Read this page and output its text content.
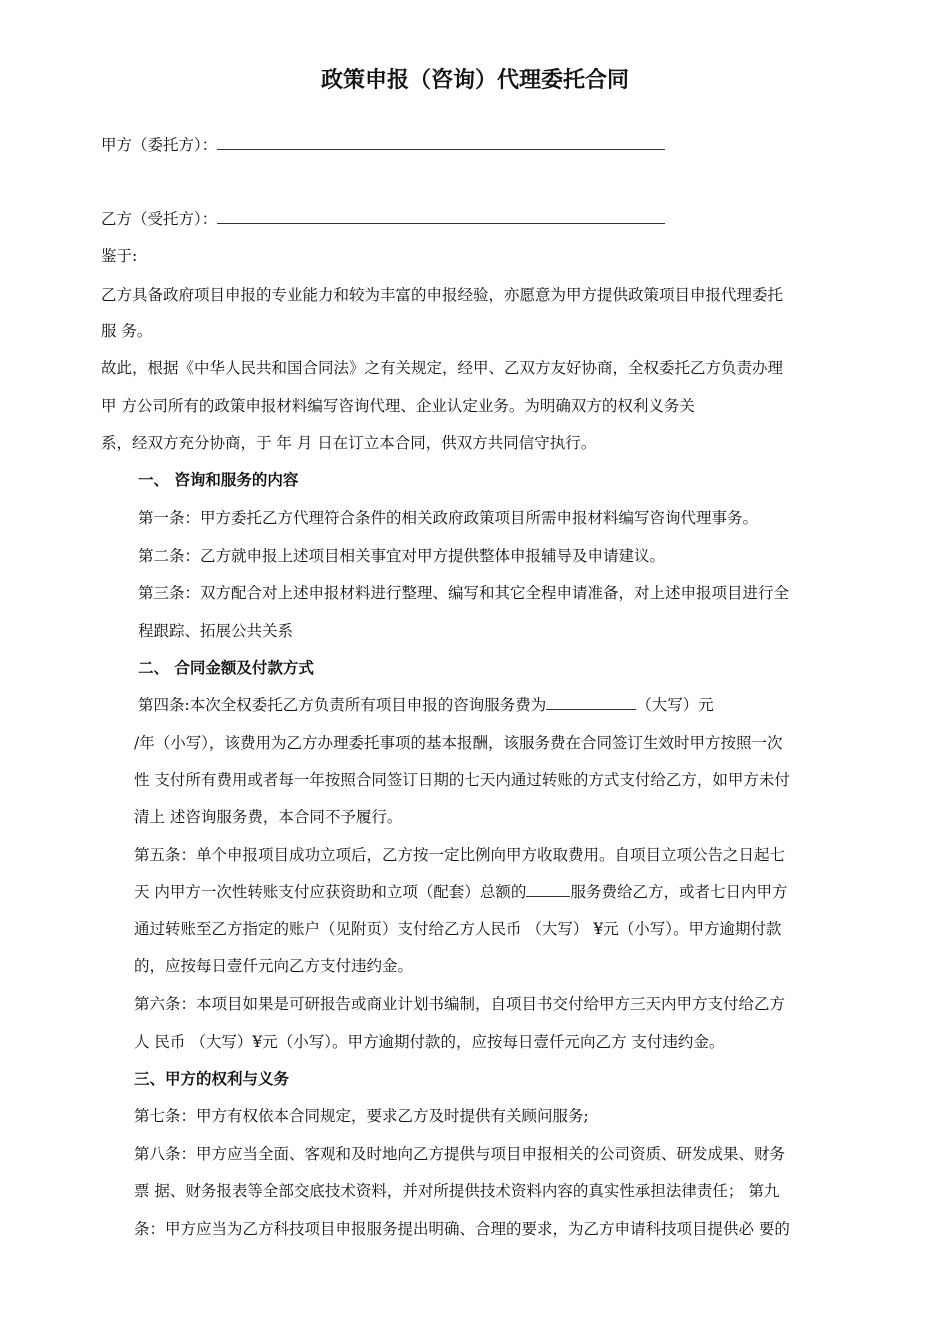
政策申报（咨询）代理委托合同
甲方（委托方）：
乙方（受托方）：
鉴于:
乙方具备政府项目申报的专业能力和较为丰富的申报经验，亦愿意为甲方提供政策项目申报代理委托
服 务。
故此，根据《中华人民共和国合同法》之有关规定，经甲、乙双方友好协商，全权委托乙方负责办理
甲 方公司所有的政策申报材料编写咨询代理、企业认定业务。为明确双方的权利义务关
系，经双方充分协商，于 年 月 日在订立本合同，供双方共同信守执行。
一、 咨询和服务的内容
第一条：甲方委托乙方代理符合条件的相关政府政策项目所需申报材料编写咨询代理事务。
第二条：乙方就申报上述项目相关事宜对甲方提供整体申报辅导及申请建议。
第三条：双方配合对上述申报材料进行整理、编写和其它全程申请准备，对上述申报项目进行全
程跟踪、拓展公共关系
二、 合同金额及付款方式
第四条:本次全权委托乙方负责所有项目申报的咨询服务费为	（大写）元
/年（小写），该费用为乙方办理委托事项的基本报酬，该服务费在合同签订生效时甲方按照一次
性 支付所有费用或者每一年按照合同签订日期的七天内通过转账的方式支付给乙方，如甲方未付
清上 述咨询服务费，本合同不予履行。
第五条：单个申报项目成功立项后，乙方按一定比例向甲方收取费用。自项目立项公告之日起七
天 内甲方一次性转账支付应获资助和立项（配套）总额的	服务费给乙方，或者七日内甲方
通过转账至乙方指定的账户（见附页）支付给乙方人民币 （大写） ¥元（小写）。甲方逾期付款
的，应按每日壹仟元向乙方支付违约金。
第六条：本项目如果是可研报告或商业计划书编制，自项目书交付给甲方三天内甲方支付给乙方
人 民币 （大写）¥元（小写）。甲方逾期付款的，应按每日壹仟元向乙方 支付违约金。
三、甲方的权利与义务
第七条：甲方有权依本合同规定，要求乙方及时提供有关顾问服务;
第八条：甲方应当全面、客观和及时地向乙方提供与项目申报相关的公司资质、研发成果、财务
票 据、财务报表等全部交底技术资料，并对所提供技术资料内容的真实性承担法律责任； 第九
条：甲方应当为乙方科技项目申报服务提出明确、合理的要求，为乙方申请科技项目提供必 要的
